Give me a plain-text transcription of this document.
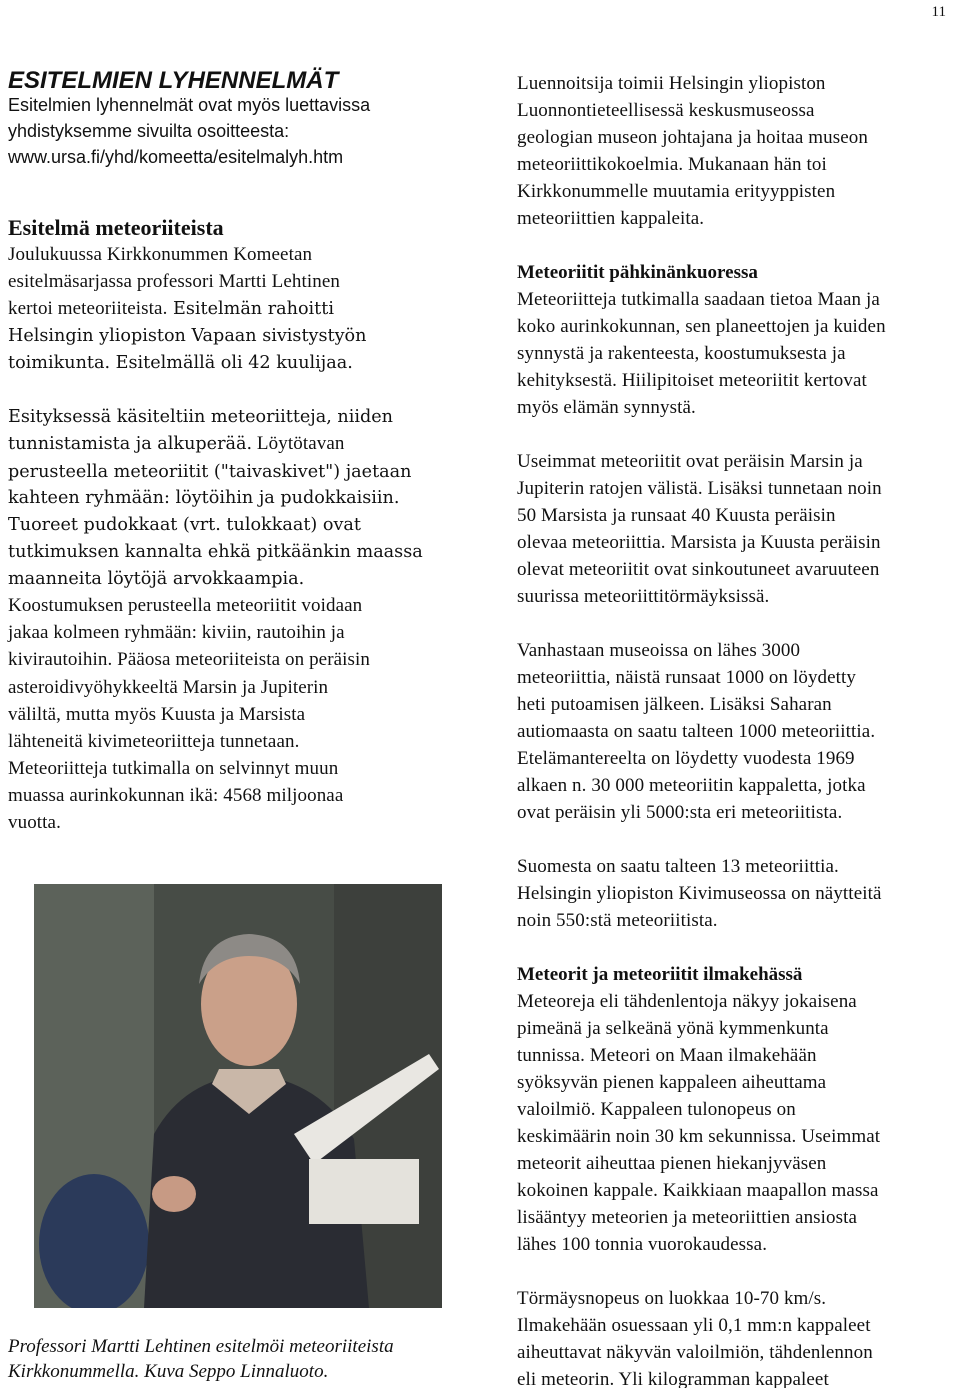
11
ESITELMIEN LYHENNELMÄT
Esitelmien lyhennelmät ovat myös luettavissa
yhdistyksemme sivuilta osoitteesta:
www.ursa.fi/yhd/komeetta/esitelmalyh.htm
Esitelmä meteoriiteista
Joulukuussa Kirkkonummen Komeetan
esitelmäsarjassa professori Martti Lehtinen
kertoi meteoriiteista. Esitelmän rahoitti
Helsingin yliopiston Vapaan sivistystyön
toimikunta. Esitelmällä oli 42 kuulijaa.
Esityksessä käsiteltiin meteoriitteja, niiden
tunnistamista ja alkuperää. Löytötavan
perusteella meteoriitit ("taivaskivet") jaetaan
kahteen ryhmään: löytöihin ja pudokkaisiin.
Tuoreet pudokkaat (vrt. tulokkaat) ovat
tutkimuksen kannalta ehkä pitkäänkin maassa
maanneita löytöjä arvokkaampia.
Koostumuksen perusteella meteoriitit voidaan
jakaa kolmeen ryhmään: kiviin, rautoihin ja
kivirautoihin. Pääosa meteoriiteista on peräisin
asteroidivyöhykkeeltä Marsin ja Jupiterin
väliltä, mutta myös Kuusta ja Marsista
lähteneitä kivimeteoriitteja tunnetaan.
Meteoriitteja tutkimalla on selvinnyt muun
muassa aurinkokunnan ikä: 4568 miljoonaa
vuotta.
Professori Martti Lehtinen esitelmöi meteoriiteista
Kirkkonummella. Kuva Seppo Linnaluoto.
Luennoitsija toimii Helsingin yliopiston
Luonnontieteellisessä keskusmuseossa
geologian museon johtajana ja hoitaa museon
meteoriittikokoelmia. Mukanaan hän toi
Kirkkonummelle muutamia erityyppisten
meteoriittien kappaleita.
Meteoriitit pähkinänkuoressa
Meteoriitteja tutkimalla saadaan tietoa Maan ja
koko aurinkokunnan, sen planeettojen ja kuiden
synnystä ja rakenteesta, koostumuksesta ja
kehityksestä. Hiilipitoiset meteoriitit kertovat
myös elämän synnystä.
Useimmat meteoriitit ovat peräisin Marsin ja
Jupiterin ratojen välistä. Lisäksi tunnetaan noin
50 Marsista ja runsaat 40 Kuusta peräisin
olevaa meteoriittia. Marsista ja Kuusta peräisin
olevat meteoriitit ovat sinkoutuneet avaruuteen
suurissa meteoriittitörmäyksissä.
Vanhastaan museoissa on lähes 3000
meteoriittia, näistä runsaat 1000 on löydetty
heti putoamisen jälkeen. Lisäksi Saharan
autiomaasta on saatu talteen 1000 meteoriittia.
Etelämantereelta on löydetty vuodesta 1969
alkaen n. 30 000 meteoriitin kappaletta, jotka
ovat peräisin yli 5000:sta eri meteoriitista.
Suomesta on saatu talteen 13 meteoriittia.
Helsingin yliopiston Kivimuseossa on näytteitä
noin 550:stä meteoriitista.
Meteorit ja meteoriitit ilmakehässä
Meteoreja eli tähdenlentoja näkyy jokaisena
pimeänä ja selkeänä yönä kymmenkunta
tunnissa. Meteori on Maan ilmakehään
syöksyvän pienen kappaleen aiheuttama
valoilmiö. Kappaleen tulonopeus on
keskimäärin noin 30 km sekunnissa. Useimmat
meteorit aiheuttaa pienen hiekanjyväsen
kokoinen kappale. Kaikkiaan maapallon massa
lisääntyy meteorien ja meteoriittien ansiosta
lähes 100 tonnia vuorokaudessa.
Törmäysnopeus on luokkaa 10-70 km/s.
Ilmakehään osuessaan yli 0,1 mm:n kappaleet
aiheuttavat näkyvän valoilmiön, tähdenlennon
eli meteorin. Yli kilogramman kappaleet
